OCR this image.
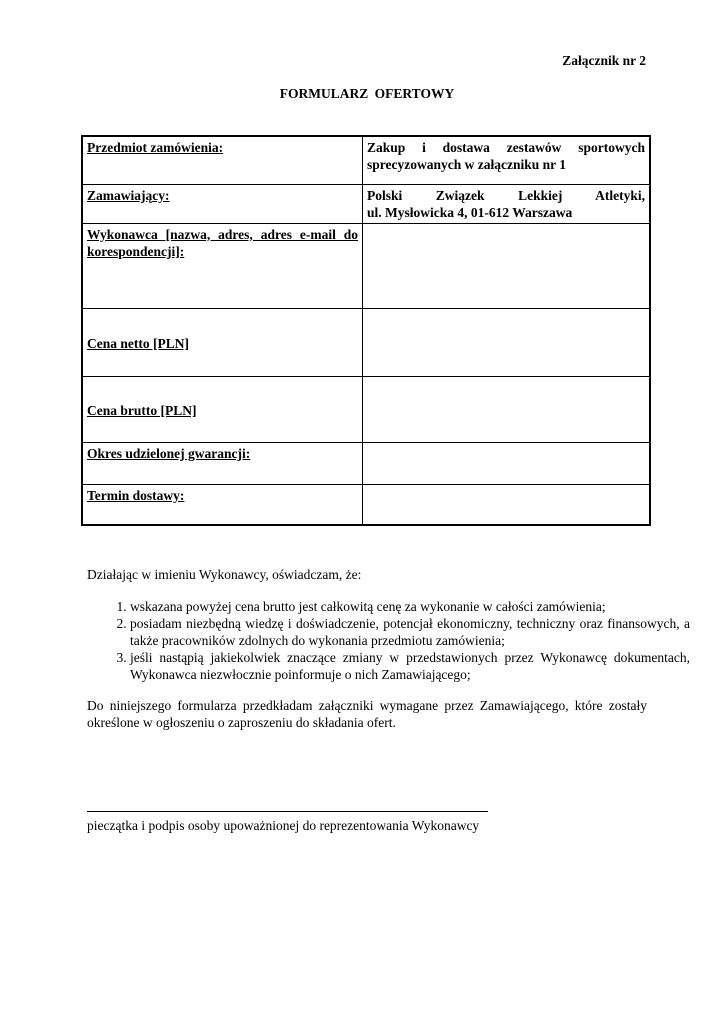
Załącznik nr 2
FORMULARZ OFERTOWY
Przedmiot zamówienia:	Zakup i dostawa zestawów sportowych
sprecyzowanych w załączniku nr 1

Zamawiający:	Polski Związek Lekkiej Atletyki,
ul. Mysłowicka 4, 01-612 Warszawa

Wykonawca [nazwa, adres, adres e-mail do korespondencji]:	
Cena netto [PLN]	
Cena brutto [PLN]	
Okres udzielonej gwarancji:	
Termin dostawy:	
Działając w imieniu Wykonawcy, oświadczam, że:
1. wskazana powyżej cena brutto jest całkowitą cenę za wykonanie w całości zamówienia;
2. posiadam niezbędną wiedzę i doświadczenie, potencjał ekonomiczny, techniczny oraz finansowych, a także pracowników zdolnych do wykonania przedmiotu zamówienia;
3. jeśli nastąpią jakiekolwiek znaczące zmiany w przedstawionych przez Wykonawcę dokumentach, Wykonawca niezwłocznie poinformuje o nich Zamawiającego;
Do niniejszego formularza przedkładam załączniki wymagane przez Zamawiającego, które zostały określone w ogłoszeniu o zaproszeniu do składania ofert.
pieczątka i podpis osoby upoważnionej do reprezentowania Wykonawcy
